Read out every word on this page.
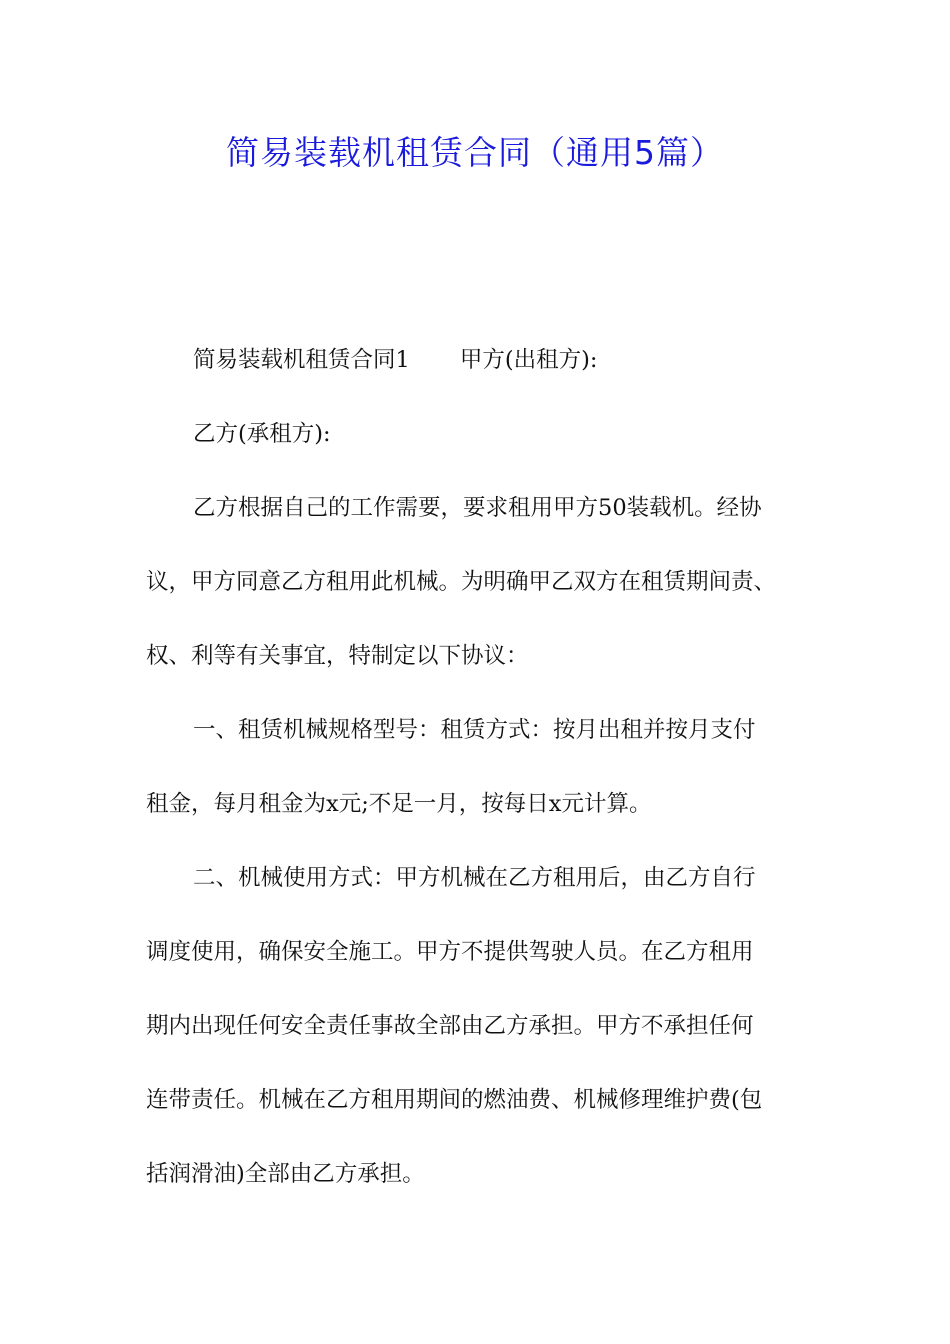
简易装载机租赁合同（通用5篇）
简易装载机租赁合同1 甲方(出租方):
乙方(承租方):
乙方根据自己的工作需要，要求租用甲方50装载机。经协
议，甲方同意乙方租用此机械。为明确甲乙双方在租赁期间责、
权、利等有关事宜，特制定以下协议：
一、租赁机械规格型号：租赁方式：按月出租并按月支付
租金，每月租金为x元;不足一月，按每日x元计算。
二、机械使用方式：甲方机械在乙方租用后，由乙方自行
调度使用，确保安全施工。甲方不提供驾驶人员。在乙方租用
期内出现任何安全责任事故全部由乙方承担。甲方不承担任何
连带责任。机械在乙方租用期间的燃油费、机械修理维护费(包
括润滑油)全部由乙方承担。
